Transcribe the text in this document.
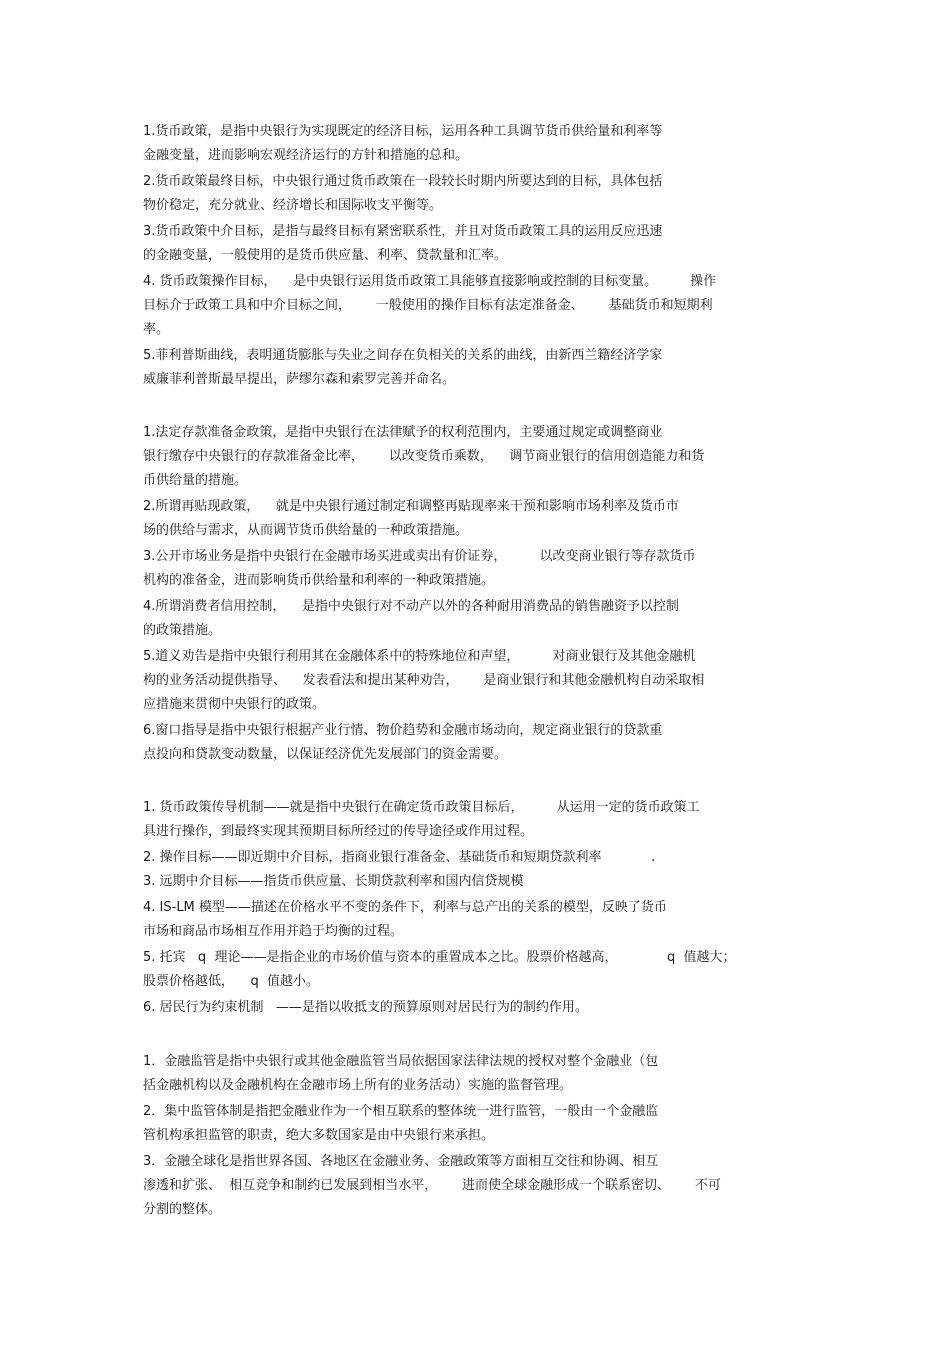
1.货币政策，是指中央银行为实现既定的经济目标，运用各种工具调节货币供给量和利率等
金融变量，进而影响宏观经济运行的方针和措施的总和。
2.货币政策最终目标，中央银行通过货币政策在一段较长时期内所要达到的目标，具体包括
物价稳定，充分就业、经济增长和国际收支平衡等。
3.货币政策中介目标，是指与最终目标有紧密联系性，并且对货币政策工具的运用反应迅速
的金融变量，一般使用的是货币供应量、利率、贷款量和汇率。
4. 货币政策操作目标，    是中央银行运用货币政策工具能够直接影响或控制的目标变量。        操作
目标介于政策工具和中介目标之间，      一般使用的操作目标有法定准备金、      基础货币和短期利
率。
5.菲利普斯曲线，表明通货膨胀与失业之间存在负相关的关系的曲线，由新西兰籍经济学家
威廉菲利普斯最早提出，萨缪尔森和索罗完善并命名。
1.法定存款准备金政策，是指中央银行在法律赋予的权利范围内，主要通过规定或调整商业
银行缴存中央银行的存款准备金比率，      以改变货币乘数，    调节商业银行的信用创造能力和货
币供给量的措施。
2.所谓再贴现政策，    就是中央银行通过制定和调整再贴现率来干预和影响市场利率及货币市
场的供给与需求，从而调节货币供给量的一种政策措施。
3.公开市场业务是指中央银行在金融市场买进或卖出有价证券，        以改变商业银行等存款货币
机构的准备金，进而影响货币供给量和利率的一种政策措施。
4.所谓消费者信用控制，    是指中央银行对不动产以外的各种耐用消费品的销售融资予以控制
的政策措施。
5.道义劝告是指中央银行利用其在金融体系中的特殊地位和声望，        对商业银行及其他金融机
构的业务活动提供指导、    发表看法和提出某种劝告，      是商业银行和其他金融机构自动采取相
应措施来贯彻中央银行的政策。
6.窗口指导是指中央银行根据产业行情、物价趋势和金融市场动向，规定商业银行的贷款重
点投向和贷款变动数量，以保证经济优先发展部门的资金需要。
1. 货币政策传导机制——就是指中央银行在确定货币政策目标后，        从运用一定的货币政策工
具进行操作，到最终实现其预期目标所经过的传导途径或作用过程。
2. 操作目标——即近期中介目标，指商业银行准备金、基础货币和短期贷款利率            .
3. 远期中介目标——指货币供应量、长期贷款利率和国内信贷规模
4. IS-LM 模型——描述在价格水平不变的条件下，利率与总产出的关系的模型，反映了货币
市场和商品市场相互作用并趋于均衡的过程。
5. 托宾   q  理论——是指企业的市场价值与资本的重置成本之比。股票价格越高，            q  值越大；
股票价格越低，    q  值越小。
6. 居民行为约束机制   ——是指以收抵支的预算原则对居民行为的制约作用。
1．金融监管是指中央银行或其他金融监管当局依据国家法律法规的授权对整个金融业（包
括金融机构以及金融机构在金融市场上所有的业务活动）实施的监督管理。
2．集中监管体制是指把金融业作为一个相互联系的整体统一进行监管，一般由一个金融监
管机构承担监管的职责，绝大多数国家是由中央银行来承担。
3．金融全球化是指世界各国、各地区在金融业务、金融政策等方面相互交往和协调、相互
渗透和扩张、  相互竞争和制约已发展到相当水平，      进而使全球金融形成一个联系密切、      不可
分割的整体。
